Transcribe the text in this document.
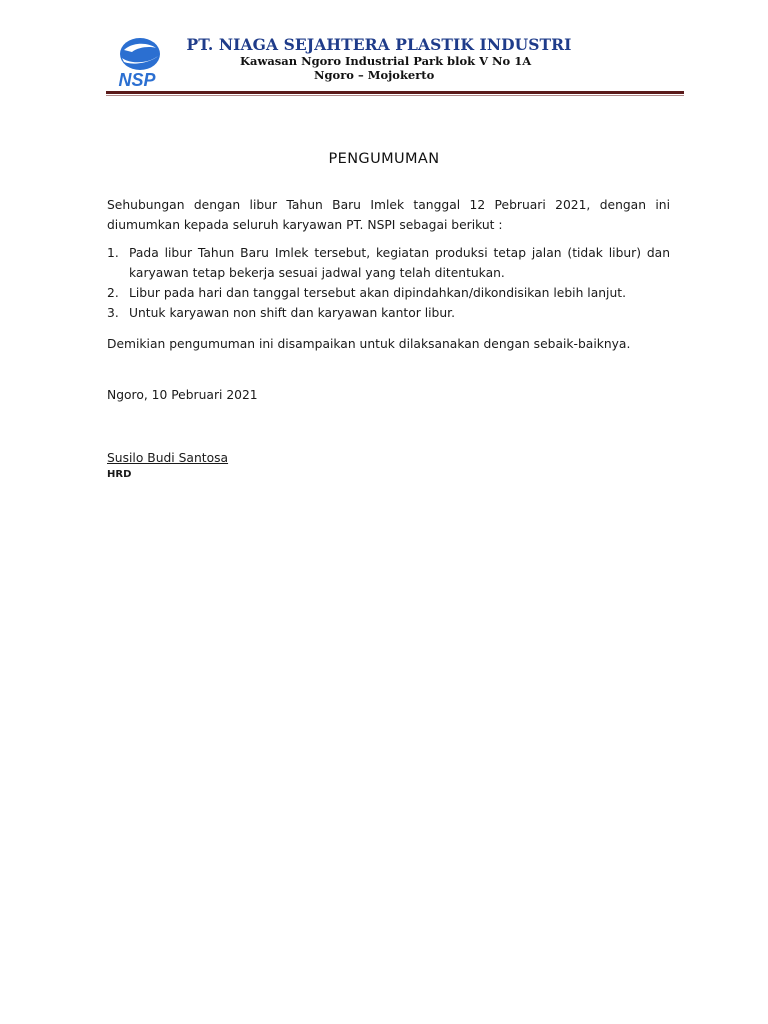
NSP
PT. NIAGA SEJAHTERA PLASTIK INDUSTRI
Kawasan Ngoro Industrial Park blok V No 1A
Ngoro – Mojokerto
PENGUMUMAN
Sehubungan dengan libur Tahun Baru Imlek tanggal 12 Pebruari 2021, dengan ini diumumkan kepada seluruh karyawan PT. NSPI sebagai berikut :
1. Pada libur Tahun Baru Imlek tersebut, kegiatan produksi tetap jalan (tidak libur) dan karyawan tetap bekerja sesuai jadwal yang telah ditentukan.
2. Libur pada hari dan tanggal tersebut akan dipindahkan/dikondisikan lebih lanjut.
3. Untuk karyawan non shift dan karyawan kantor libur.
Demikian pengumuman ini disampaikan untuk dilaksanakan dengan sebaik-baiknya.
Ngoro, 10 Pebruari 2021
Susilo Budi Santosa
HRD
